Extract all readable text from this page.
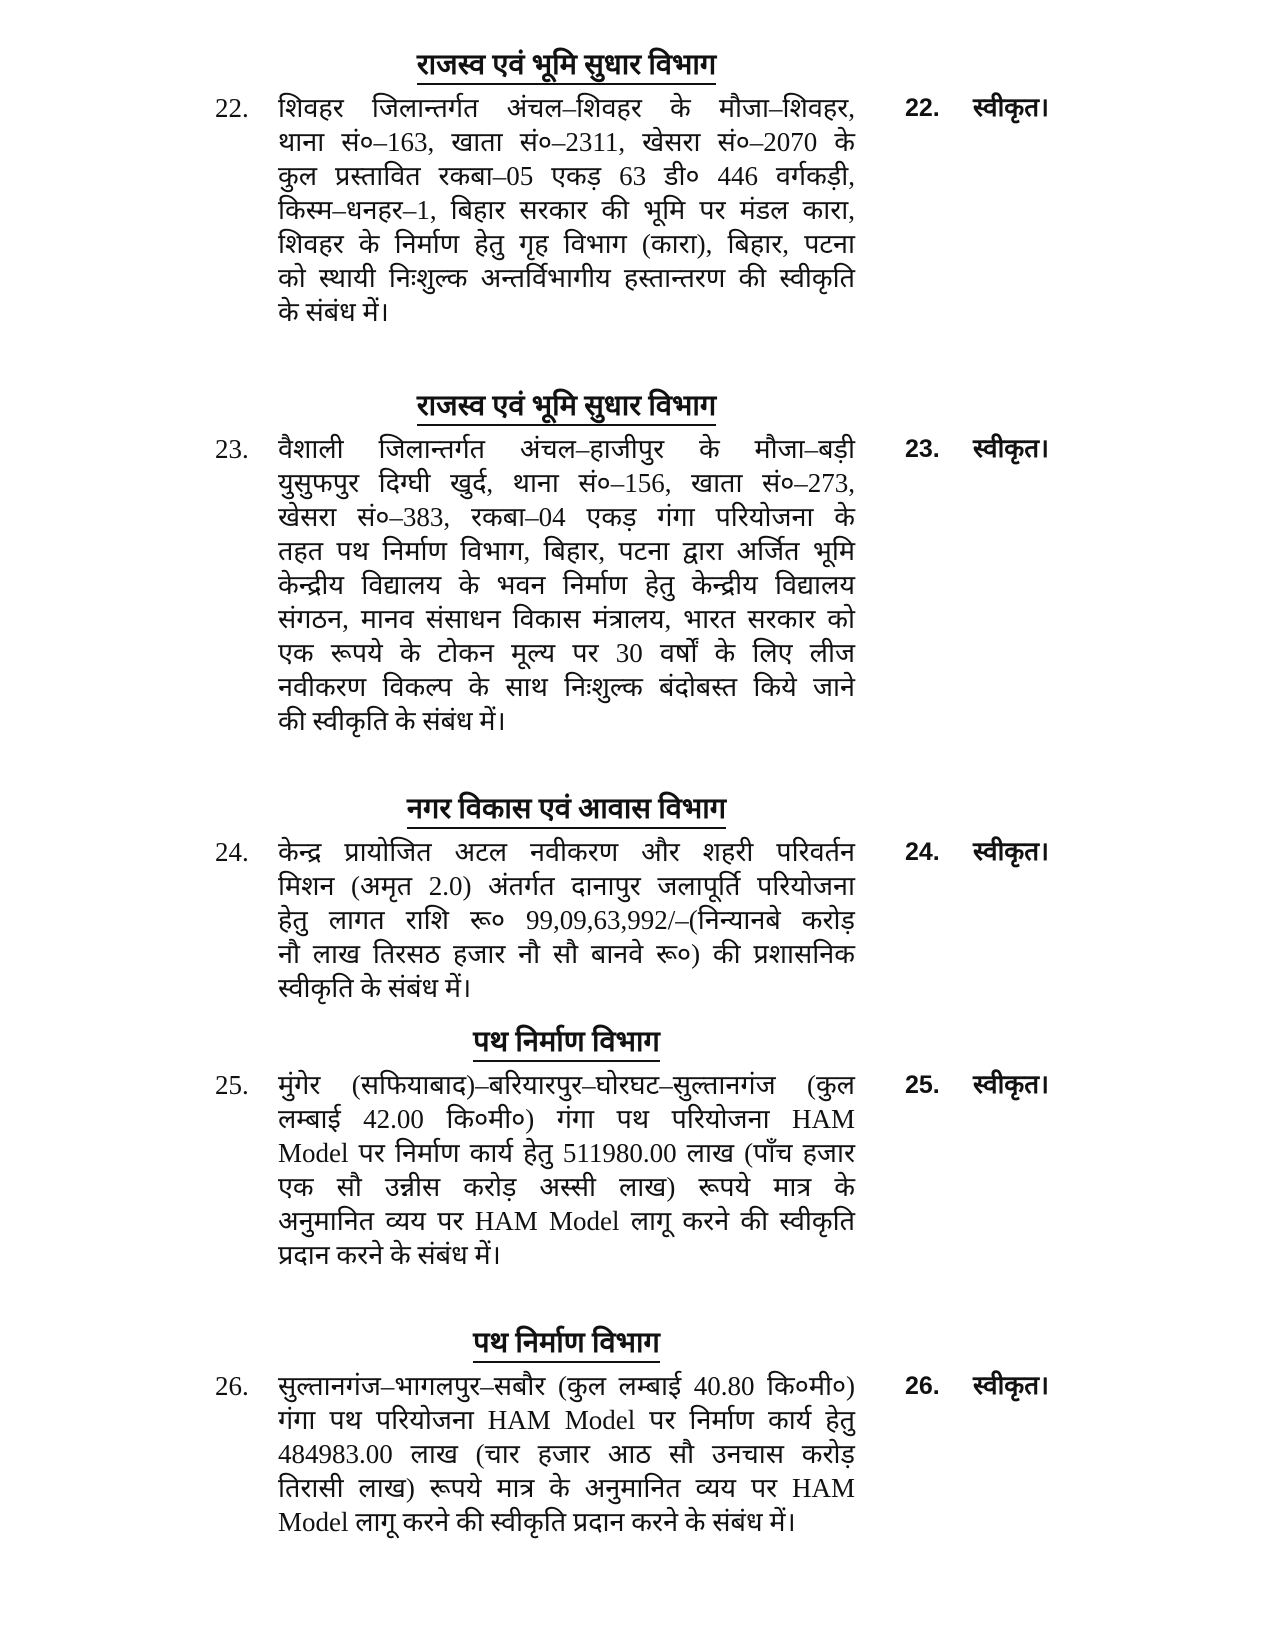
राजस्व एवं भूमि सुधार विभाग
22.	शिवहर जिलान्तर्गत अंचल–शिवहर के मौजा–शिवहर,
थाना सं०–163, खाता सं०–2311, खेसरा सं०–2070 के
कुल प्रस्तावित रकबा–05 एकड़ 63 डी० 446 वर्गकड़ी,
किस्म–धनहर–1, बिहार सरकार की भूमि पर मंडल कारा,
शिवहर के निर्माण हेतु गृह विभाग (कारा), बिहार, पटना
को स्थायी निःशुल्क अन्तर्विभागीय हस्तान्तरण की स्वीकृति
के संबंध में।
22.	स्वीकृत।
राजस्व एवं भूमि सुधार विभाग
23.	वैशाली जिलान्तर्गत अंचल–हाजीपुर के मौजा–बड़ी
युसुफपुर दिग्घी खुर्द, थाना सं०–156, खाता सं०–273,
खेसरा सं०–383, रकबा–04 एकड़ गंगा परियोजना के
तहत पथ निर्माण विभाग, बिहार, पटना द्वारा अर्जित भूमि
केन्द्रीय विद्यालय के भवन निर्माण हेतु केन्द्रीय विद्यालय
संगठन, मानव संसाधन विकास मंत्रालय, भारत सरकार को
एक रूपये के टोकन मूल्य पर 30 वर्षों के लिए लीज
नवीकरण विकल्प के साथ निःशुल्क बंदोबस्त किये जाने
की स्वीकृति के संबंध में।
23.	स्वीकृत।
नगर विकास एवं आवास विभाग
24.	केन्द्र प्रायोजित अटल नवीकरण और शहरी परिवर्तन
मिशन (अमृत 2.0) अंतर्गत दानापुर जलापूर्ति परियोजना
हेतु लागत राशि रू० 99,09,63,992/–(निन्यानबे करोड़
नौ लाख तिरसठ हजार नौ सौ बानवे रू०) की प्रशासनिक
स्वीकृति के संबंध में।
24.	स्वीकृत।
पथ निर्माण विभाग
25.	मुंगेर (सफियाबाद)–बरियारपुर–घोरघट–सुल्तानगंज (कुल
लम्बाई 42.00 कि०मी०) गंगा पथ परियोजना HAM
Model पर निर्माण कार्य हेतु 511980.00 लाख (पाँच हजार
एक सौ उन्नीस करोड़ अस्सी लाख) रूपये मात्र के
अनुमानित व्यय पर HAM Model लागू करने की स्वीकृति
प्रदान करने के संबंध में।
25.	स्वीकृत।
पथ निर्माण विभाग
26.	सुल्तानगंज–भागलपुर–सबौर (कुल लम्बाई 40.80 कि०मी०)
गंगा पथ परियोजना HAM Model पर निर्माण कार्य हेतु
484983.00 लाख (चार हजार आठ सौ उनचास करोड़
तिरासी लाख) रूपये मात्र के अनुमानित व्यय पर HAM
Model लागू करने की स्वीकृति प्रदान करने के संबंध में।
26.	स्वीकृत।
